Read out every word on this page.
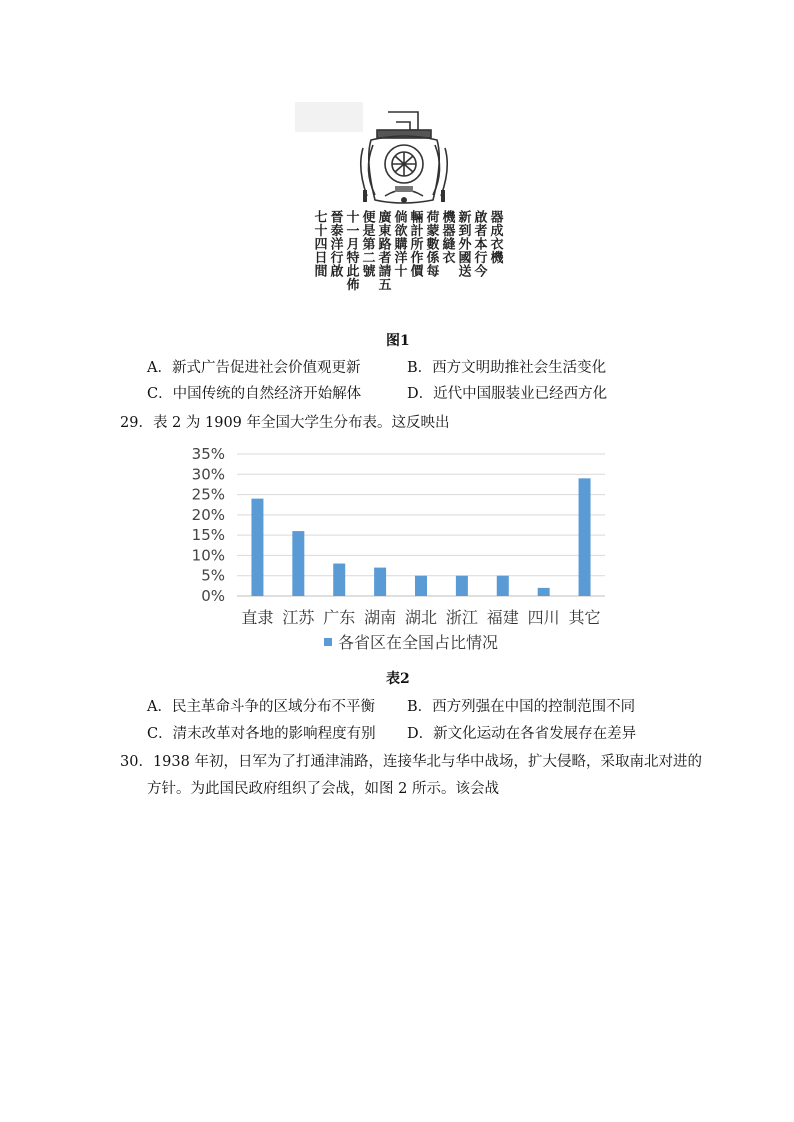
器成衣機
啟者本行今
新到外國送
機器縫衣
荷蒙數係每
輛計所作價
倘欲購洋十
廣東路者請五
便是第二號
十一月特此佈
晉泰洋行啟
七十四日間
图1
A．新式广告促进社会价值观更新	B．西方文明助推社会生活变化
C．中国传统的自然经济开始解体	D．近代中国服装业已经西方化
29．表 2 为 1909 年全国大学生分布表。这反映出
0%
5%
10%
15%
20%
25%
30%
35%
直隶 江苏 广东 湖南 湖北 浙江 福建 四川 其它
各省区在全国占比情况
表2
A．民主革命斗争的区域分布不平衡 B．西方列强在中国的控制范围不同
C．清末改革对各地的影响程度有别 D．新文化运动在各省发展存在差异
30．1938 年初，日军为了打通津浦路，连接华北与华中战场，扩大侵略，采取南北对进的
方针。为此国民政府组织了会战，如图 2 所示。该会战
